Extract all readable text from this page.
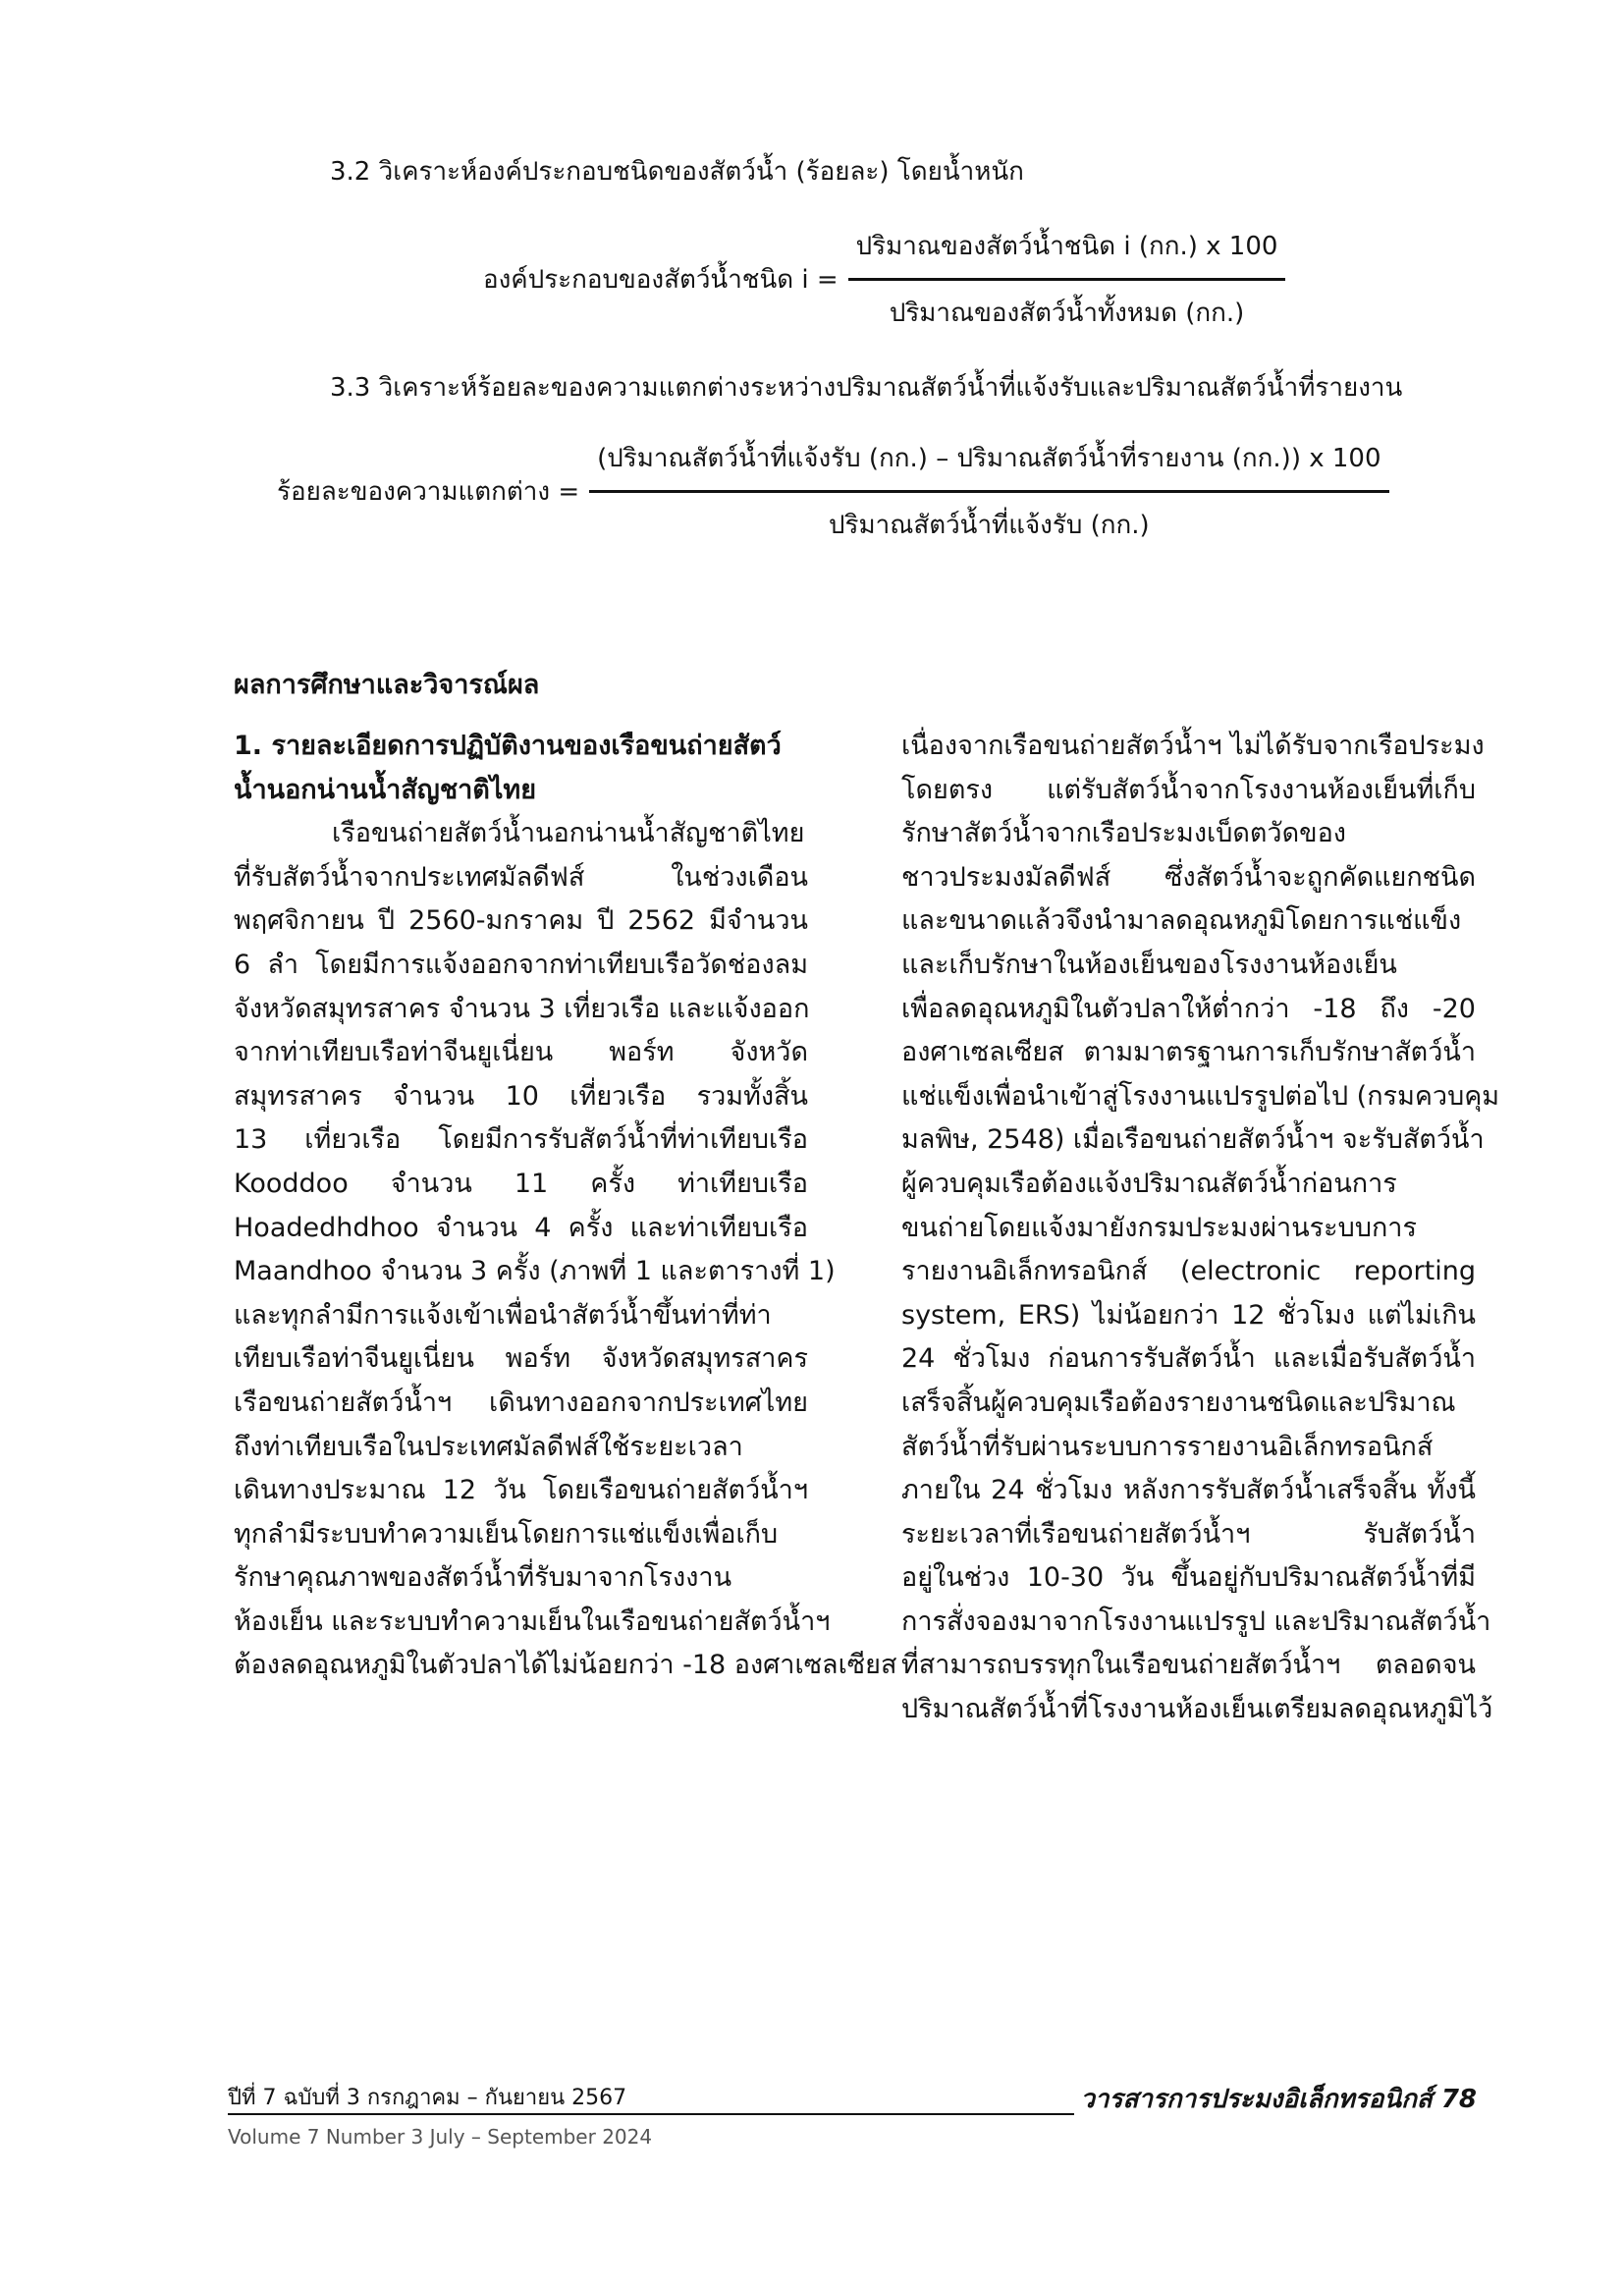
3.2 วิเคราะห์องค์ประกอบชนิดของสัตว์น้ำ (ร้อยละ) โดยน้ำหนัก
องค์ประกอบของสัตว์น้ำชนิด $i = \frac{\text{ปริมาณของสัตว์น้ำชนิด i (กก.) x 100}}{\text{ปริมาณของสัตว์น้ำทั้งหมด (กก.)}}$
3.3 วิเคราะห์ร้อยละของความแตกต่างระหว่างปริมาณสัตว์น้ำที่แจ้งรับและปริมาณสัตว์น้ำที่รายงาน
ร้อยละของความแตกต่าง =
(ปริมาณสัตว์น้ำที่แจ้งรับ (กก.) – ปริมาณสัตว์น้ำที่รายงาน (กก.)) x 100
ปริมาณสัตว์น้ำที่แจ้งรับ (กก.)
ผลการศึกษาและวิจารณ์ผล
1. รายละเอียดการปฏิบัติงานของเรือขนถ่ายสัตว์
น้ำนอกน่านน้ำสัญชาติไทย
เรือขนถ่ายสัตว์น้ำนอกน่านน้ำสัญชาติไทย
ที่รับสัตว์น้ำจากประเทศมัลดีฟส์ ในช่วงเดือน
พฤศจิกายน ปี 2560-มกราคม ปี 2562 มีจำนวน
6 ลำ โดยมีการแจ้งออกจากท่าเทียบเรือวัดช่องลม
จังหวัดสมุทรสาคร จำนวน 3 เที่ยวเรือ และแจ้งออก
จากท่าเทียบเรือท่าจีนยูเนี่ยน พอร์ท จังหวัด
สมุทรสาคร จำนวน 10 เที่ยวเรือ รวมทั้งสิ้น
13 เที่ยวเรือ โดยมีการรับสัตว์น้ำที่ท่าเทียบเรือ
Kooddoo จำนวน 11 ครั้ง ท่าเทียบเรือ
Hoadedhdhoo จำนวน 4 ครั้ง และท่าเทียบเรือ
Maandhoo จำนวน 3 ครั้ง (ภาพที่ 1 และตารางที่ 1)
และทุกลำมีการแจ้งเข้าเพื่อนำสัตว์น้ำขึ้นท่าที่ท่า
เทียบเรือท่าจีนยูเนี่ยน พอร์ท จังหวัดสมุทรสาคร
เรือขนถ่ายสัตว์น้ำฯ เดินทางออกจากประเทศไทย
ถึงท่าเทียบเรือในประเทศมัลดีฟส์ใช้ระยะเวลา
เดินทางประมาณ 12 วัน โดยเรือขนถ่ายสัตว์น้ำฯ
ทุกลำมีระบบทำความเย็นโดยการแช่แข็งเพื่อเก็บ
รักษาคุณภาพของสัตว์น้ำที่รับมาจากโรงงาน
ห้องเย็น และระบบทำความเย็นในเรือขนถ่ายสัตว์น้ำฯ
ต้องลดอุณหภูมิในตัวปลาได้ไม่น้อยกว่า -18 องศาเซลเซียส
เนื่องจากเรือขนถ่ายสัตว์น้ำฯ ไม่ได้รับจากเรือประมง
โดยตรง แต่รับสัตว์น้ำจากโรงงานห้องเย็นที่เก็บ
รักษาสัตว์น้ำจากเรือประมงเบ็ดตวัดของ
ชาวประมงมัลดีฟส์ ซึ่งสัตว์น้ำจะถูกคัดแยกชนิด
และขนาดแล้วจึงนำมาลดอุณหภูมิโดยการแช่แข็ง
และเก็บรักษาในห้องเย็นของโรงงานห้องเย็น
เพื่อลดอุณหภูมิในตัวปลาให้ต่ำกว่า -18 ถึง -20
องศาเซลเซียส ตามมาตรฐานการเก็บรักษาสัตว์น้ำ
แช่แข็งเพื่อนำเข้าสู่โรงงานแปรรูปต่อไป (กรมควบคุม
มลพิษ, 2548) เมื่อเรือขนถ่ายสัตว์น้ำฯ จะรับสัตว์น้ำ
ผู้ควบคุมเรือต้องแจ้งปริมาณสัตว์น้ำก่อนการ
ขนถ่ายโดยแจ้งมายังกรมประมงผ่านระบบการ
รายงานอิเล็กทรอนิกส์ (electronic reporting
system, ERS) ไม่น้อยกว่า 12 ชั่วโมง แต่ไม่เกิน
24 ชั่วโมง ก่อนการรับสัตว์น้ำ และเมื่อรับสัตว์น้ำ
เสร็จสิ้นผู้ควบคุมเรือต้องรายงานชนิดและปริมาณ
สัตว์น้ำที่รับผ่านระบบการรายงานอิเล็กทรอนิกส์
ภายใน 24 ชั่วโมง หลังการรับสัตว์น้ำเสร็จสิ้น ทั้งนี้
ระยะเวลาที่เรือขนถ่ายสัตว์น้ำฯ รับสัตว์น้ำ
อยู่ในช่วง 10-30 วัน ขึ้นอยู่กับปริมาณสัตว์น้ำที่มี
การสั่งจองมาจากโรงงานแปรรูป และปริมาณสัตว์น้ำ
ที่สามารถบรรทุกในเรือขนถ่ายสัตว์น้ำฯ ตลอดจน
ปริมาณสัตว์น้ำที่โรงงานห้องเย็นเตรียมลดอุณหภูมิไว้
ปีที่ 7 ฉบับที่ 3 กรกฎาคม – กันยายน 2567	วารสารการประมงอิเล็กทรอนิกส์ 78
Volume 7 Number 3 July – September 2024
